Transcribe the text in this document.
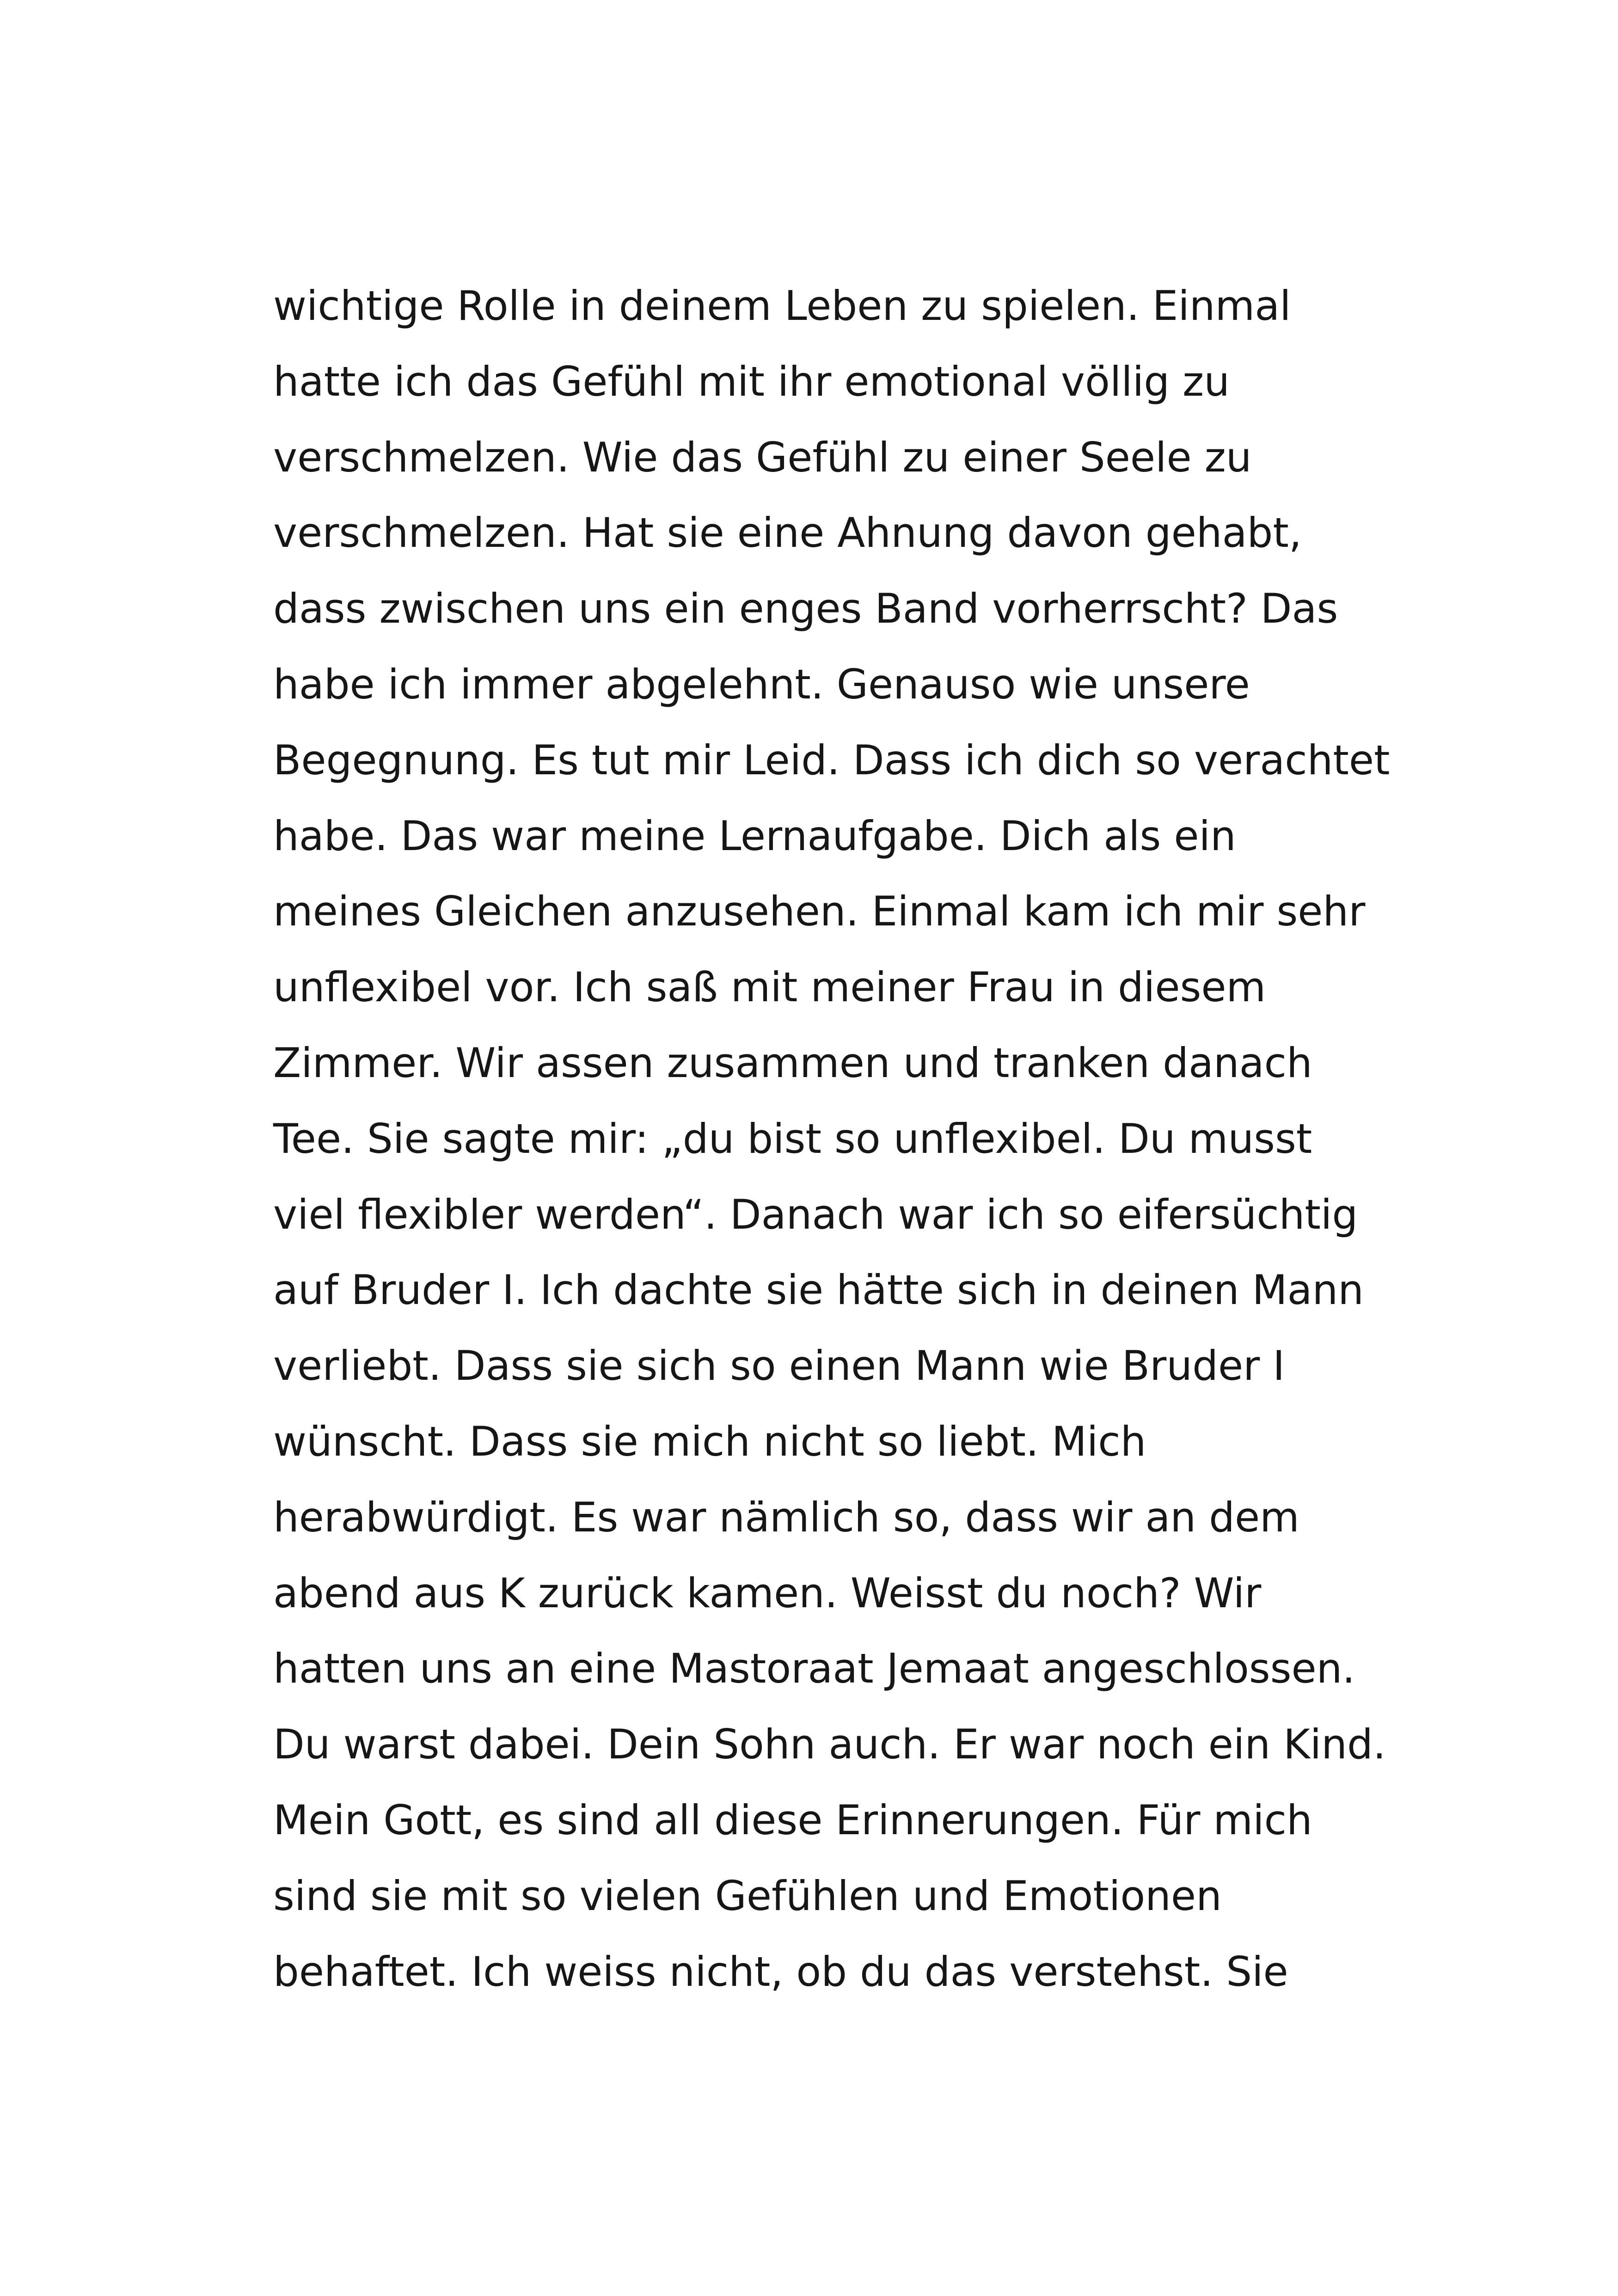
wichtige Rolle in deinem Leben zu spielen. Einmal
hatte ich das Gefühl mit ihr emotional völlig zu
verschmelzen. Wie das Gefühl zu einer Seele zu
verschmelzen. Hat sie eine Ahnung davon gehabt,
dass zwischen uns ein enges Band vorherrscht? Das
habe ich immer abgelehnt. Genauso wie unsere
Begegnung. Es tut mir Leid. Dass ich dich so verachtet
habe. Das war meine Lernaufgabe. Dich als ein
meines Gleichen anzusehen. Einmal kam ich mir sehr
unflexibel vor. Ich saß mit meiner Frau in diesem
Zimmer. Wir assen zusammen und tranken danach
Tee. Sie sagte mir: „du bist so unflexibel. Du musst
viel flexibler werden“. Danach war ich so eifersüchtig
auf Bruder I. Ich dachte sie hätte sich in deinen Mann
verliebt. Dass sie sich so einen Mann wie Bruder I
wünscht. Dass sie mich nicht so liebt. Mich
herabwürdigt. Es war nämlich so, dass wir an dem
abend aus K zurück kamen. Weisst du noch? Wir
hatten uns an eine Mastoraat Jemaat angeschlossen.
Du warst dabei. Dein Sohn auch. Er war noch ein Kind.
Mein Gott, es sind all diese Erinnerungen. Für mich
sind sie mit so vielen Gefühlen und Emotionen
behaftet. Ich weiss nicht, ob du das verstehst. Sie
